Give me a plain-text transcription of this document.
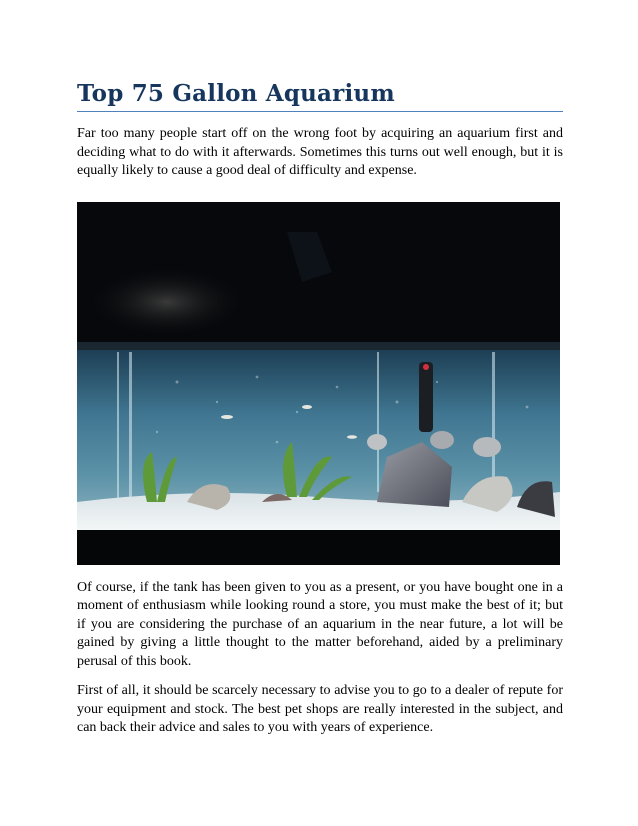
Top 75 Gallon Aquarium

Far too many people start off on the wrong foot by acquiring an aquarium first and deciding what to do with it afterwards. Sometimes this turns out well enough, but it is equally likely to cause a good deal of difficulty and expense.

Of course, if the tank has been given to you as a present, or you have bought one in a moment of enthusiasm while looking round a store, you must make the best of it; but if you are considering the purchase of an aquarium in the near future, a lot will be gained by giving a little thought to the matter beforehand, aided by a preliminary perusal of this book.

First of all, it should be scarcely necessary to advise you to go to a dealer of repute for your equipment and stock. The best pet shops are really interested in the subject, and can back their advice and sales to you with years of experience.
